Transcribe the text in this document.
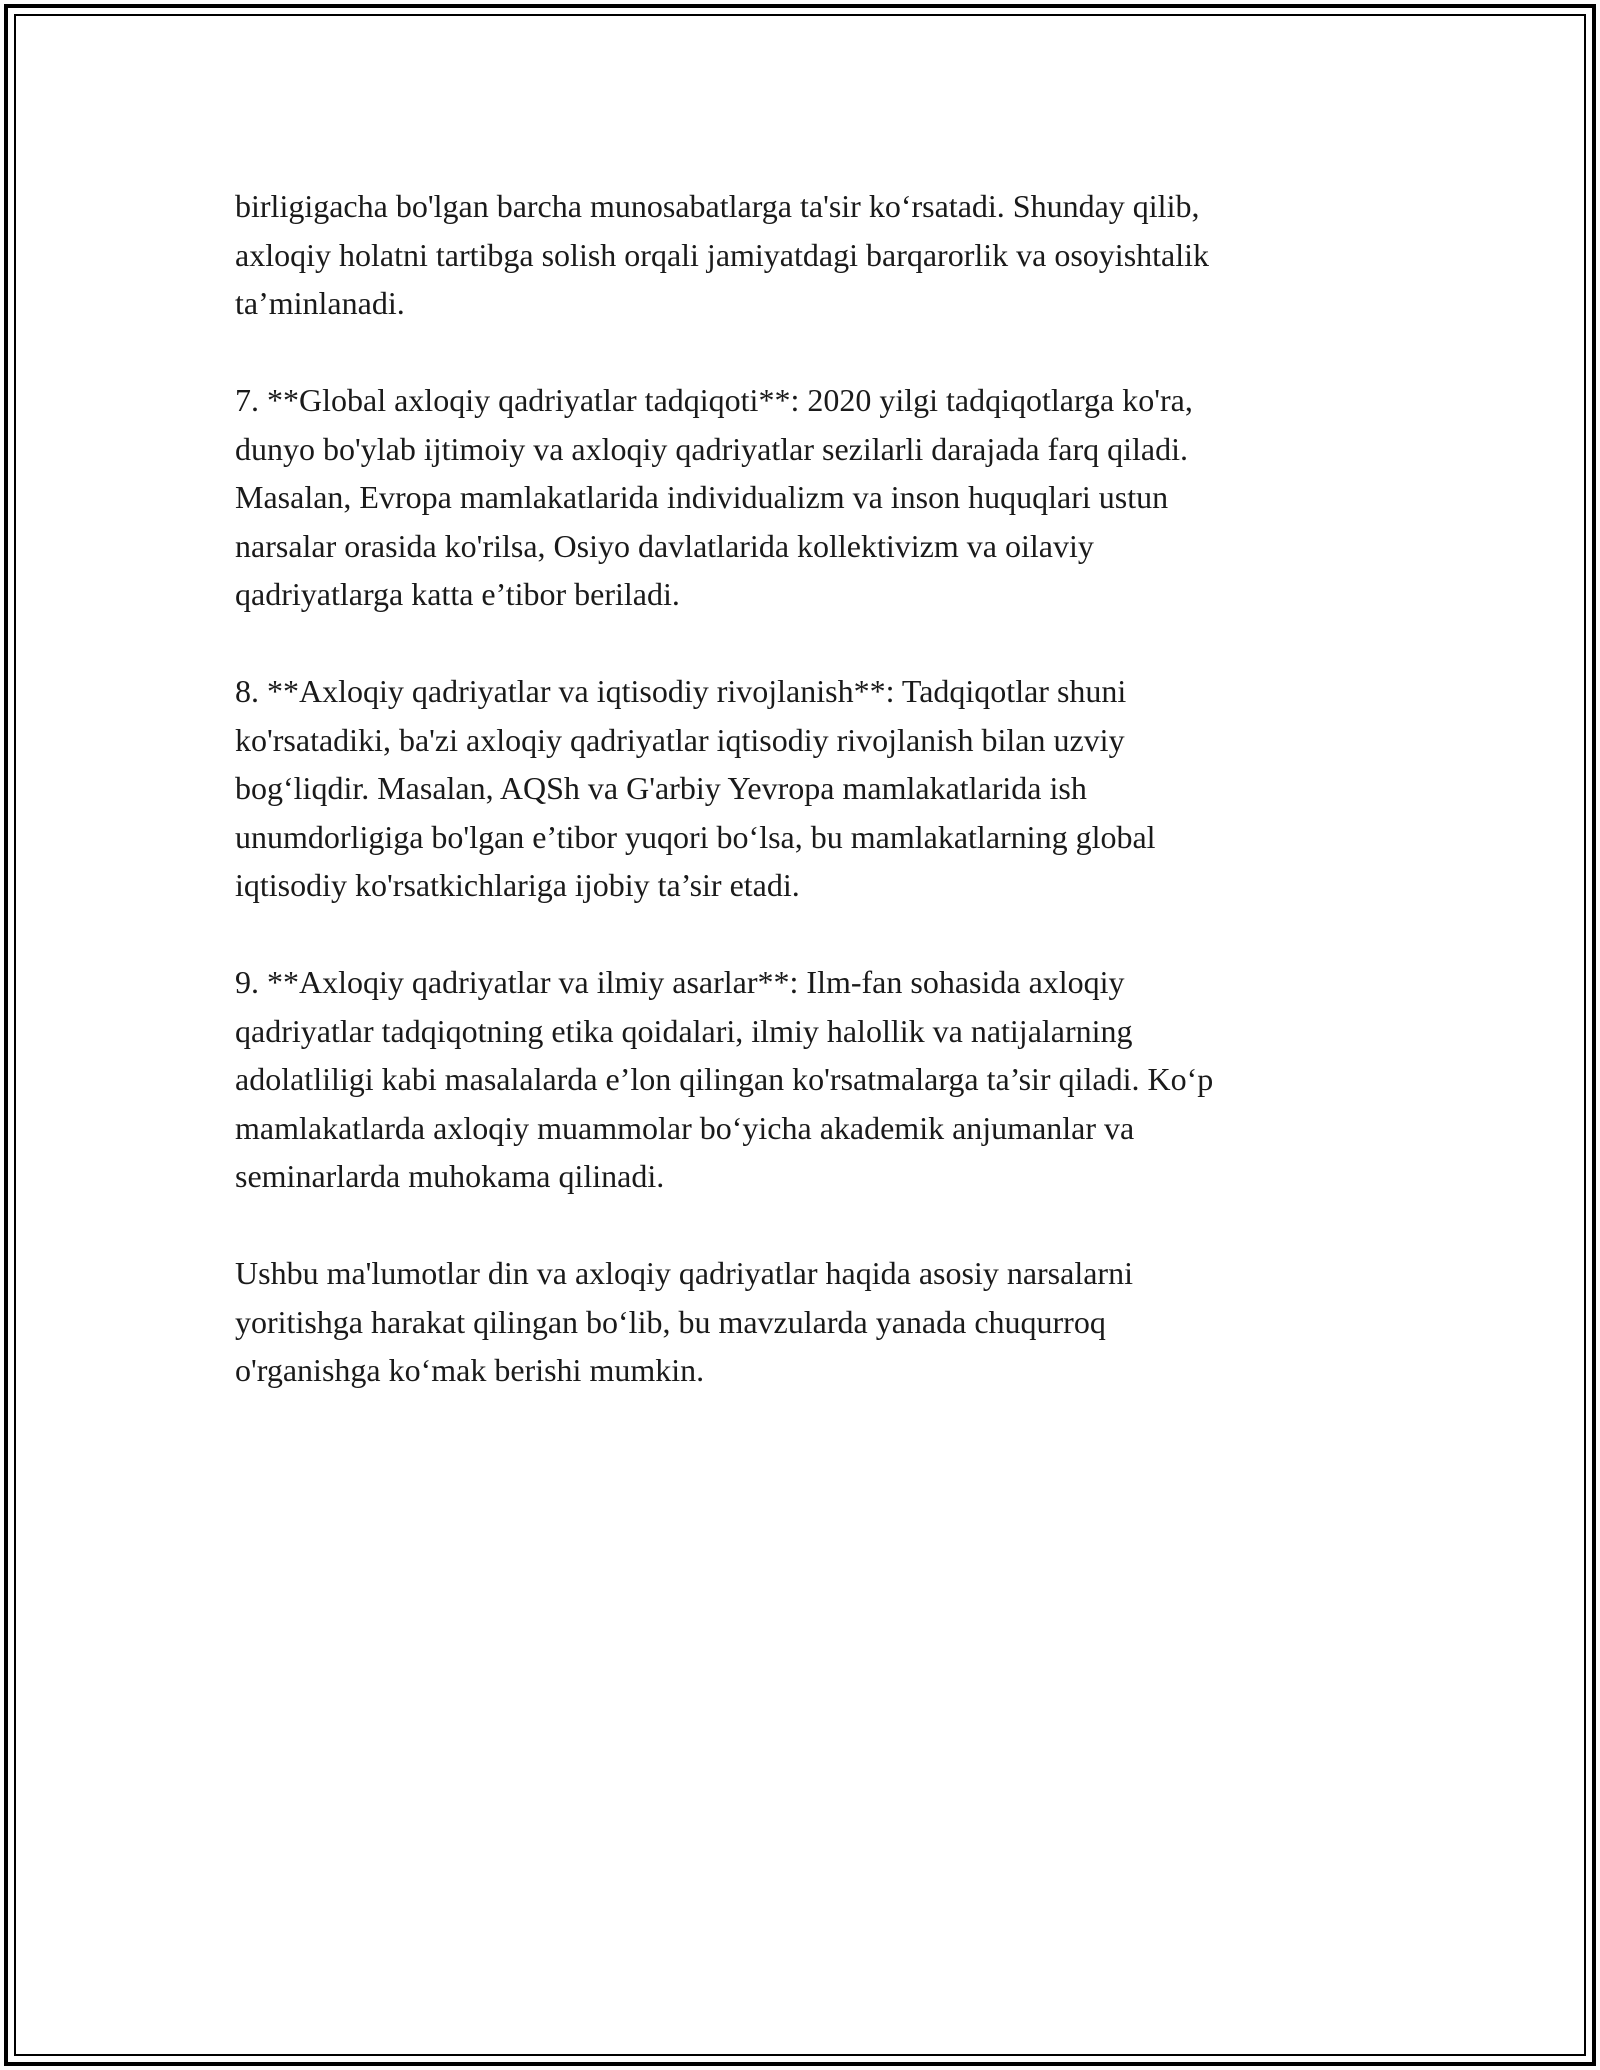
birligigacha bo'lgan barcha munosabatlarga ta'sir ko‘rsatadi. Shunday qilib,
axloqiy holatni tartibga solish orqali jamiyatdagi barqarorlik va osoyishtalik
ta’minlanadi.

7. **Global axloqiy qadriyatlar tadqiqoti**: 2020 yilgi tadqiqotlarga ko'ra,
dunyo bo'ylab ijtimoiy va axloqiy qadriyatlar sezilarli darajada farq qiladi.
Masalan, Evropa mamlakatlarida individualizm va inson huquqlari ustun
narsalar orasida ko'rilsa, Osiyo davlatlarida kollektivizm va oilaviy
qadriyatlarga katta e’tibor beriladi.

8. **Axloqiy qadriyatlar va iqtisodiy rivojlanish**: Tadqiqotlar shuni
ko'rsatadiki, ba'zi axloqiy qadriyatlar iqtisodiy rivojlanish bilan uzviy
bog‘liqdir. Masalan, AQSh va G'arbiy Yevropa mamlakatlarida ish
unumdorligiga bo'lgan e’tibor yuqori bo‘lsa, bu mamlakatlarning global
iqtisodiy ko'rsatkichlariga ijobiy ta’sir etadi.

9. **Axloqiy qadriyatlar va ilmiy asarlar**: Ilm-fan sohasida axloqiy
qadriyatlar tadqiqotning etika qoidalari, ilmiy halollik va natijalarning
adolatliligi kabi masalalarda e’lon qilingan ko'rsatmalarga ta’sir qiladi. Ko‘p
mamlakatlarda axloqiy muammolar bo‘yicha akademik anjumanlar va
seminarlarda muhokama qilinadi.

Ushbu ma'lumotlar din va axloqiy qadriyatlar haqida asosiy narsalarni
yoritishga harakat qilingan bo‘lib, bu mavzularda yanada chuqurroq
o'rganishga ko‘mak berishi mumkin.
